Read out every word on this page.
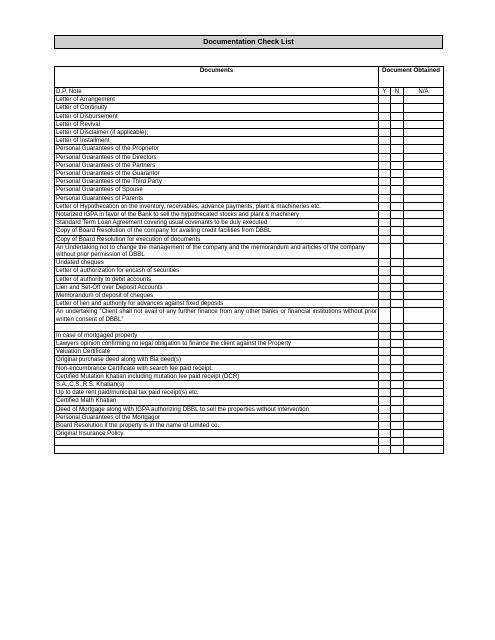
Documentation Check List
Documents	Document Obtained		
D.P. Note	Y	N	N/A
Letter of Arrangement			
Letter of Continuity			
Letter of Disbursement			
Letter of Revival			
Letter of Disclaimer (if applicable);			
Letter of Installment			
Personal Guarantees of the Proprietor			
Personal Guarantees of the Directors			
Personal Guarantees of the Partners			
Personal Guarantees of the Guarantor			
Personal Guarantees of the Third Party			
Personal Guarantees of Spouse			
Personal Guarantees of Parents			
Letter of Hypothecation on the inventory, receivables, advance payments, plant & machineries etc.			
Notarized IGPA in favor of the Bank to sell the hypothecated stocks and plant & machinery			
Standard Term Loan Agreement covering usual covenants to be duly executed			
Copy of Board Resolution of the company for availing credit facilities from DBBL			
Copy of Board Resolution for execution of documents			
An Undertaking not to change the management of the company and the memorandum and articles of the company without prior permission of DBBL			
Undated cheques			
Letter of authorization for encash of securities			
Letter of authority to debit accounts			
Lien and Set-Off over Deposit Accounts			
Memorandum of deposit of cheques			
Letter of lien and authority for advances against fixed deposits			
An undertaking “Client shall not avail of any further finance from any other banks or financial institutions without prior written consent of DBBL”			

In case of mortgaged property			
Lawyers opinion confirming no legal obligation to finance the client against the Property			
Valuation Certificate			
Original purchase deed along with Bia deed(s)			
Non-encumbrance Certificate with search fee paid receipt.			
Certified Mutation Khatian including mutation fee paid receipt (DCR)			
S.A.,C.S.,R.S. Khatian(s)			
Up to date rent paid/municipal tax paid receipt(s) etc.			
Certified Math Khatian			
Deed of Mortgage along with IGPA authorizing DBBL to sell the properties without intervention			
Personal Guarantees of the Mortgagor			
Board Resolution if the property is in the name of Limited co.			
Original Insurance Policy			
